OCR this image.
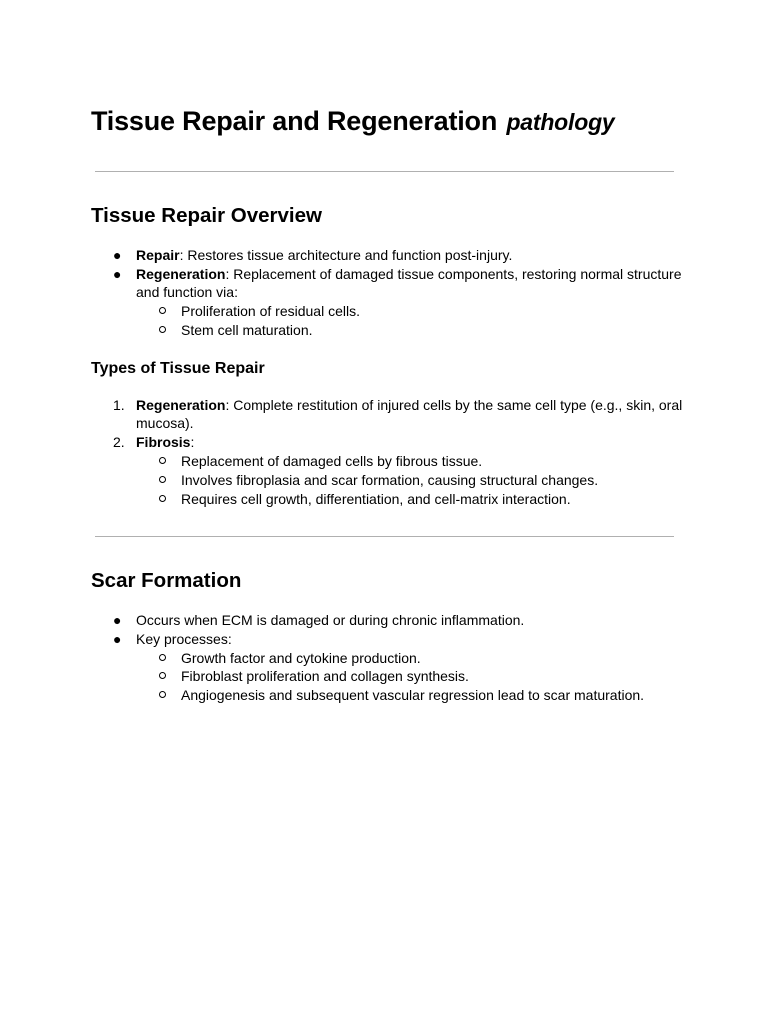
Tissue Repair and Regeneration pathology
Tissue Repair Overview
● Repair: Restores tissue architecture and function post-injury.
● Regeneration: Replacement of damaged tissue components, restoring normal structure
and function via:
Proliferation of residual cells.
Stem cell maturation.
Types of Tissue Repair
1. Regeneration: Complete restitution of injured cells by the same cell type (e.g., skin, oral
mucosa).
2. Fibrosis:
Replacement of damaged cells by fibrous tissue.
Involves fibroplasia and scar formation, causing structural changes.
Requires cell growth, differentiation, and cell-matrix interaction.
Scar Formation
● Occurs when ECM is damaged or during chronic inflammation.
● Key processes:
Growth factor and cytokine production.
Fibroblast proliferation and collagen synthesis.
Angiogenesis and subsequent vascular regression lead to scar maturation.
